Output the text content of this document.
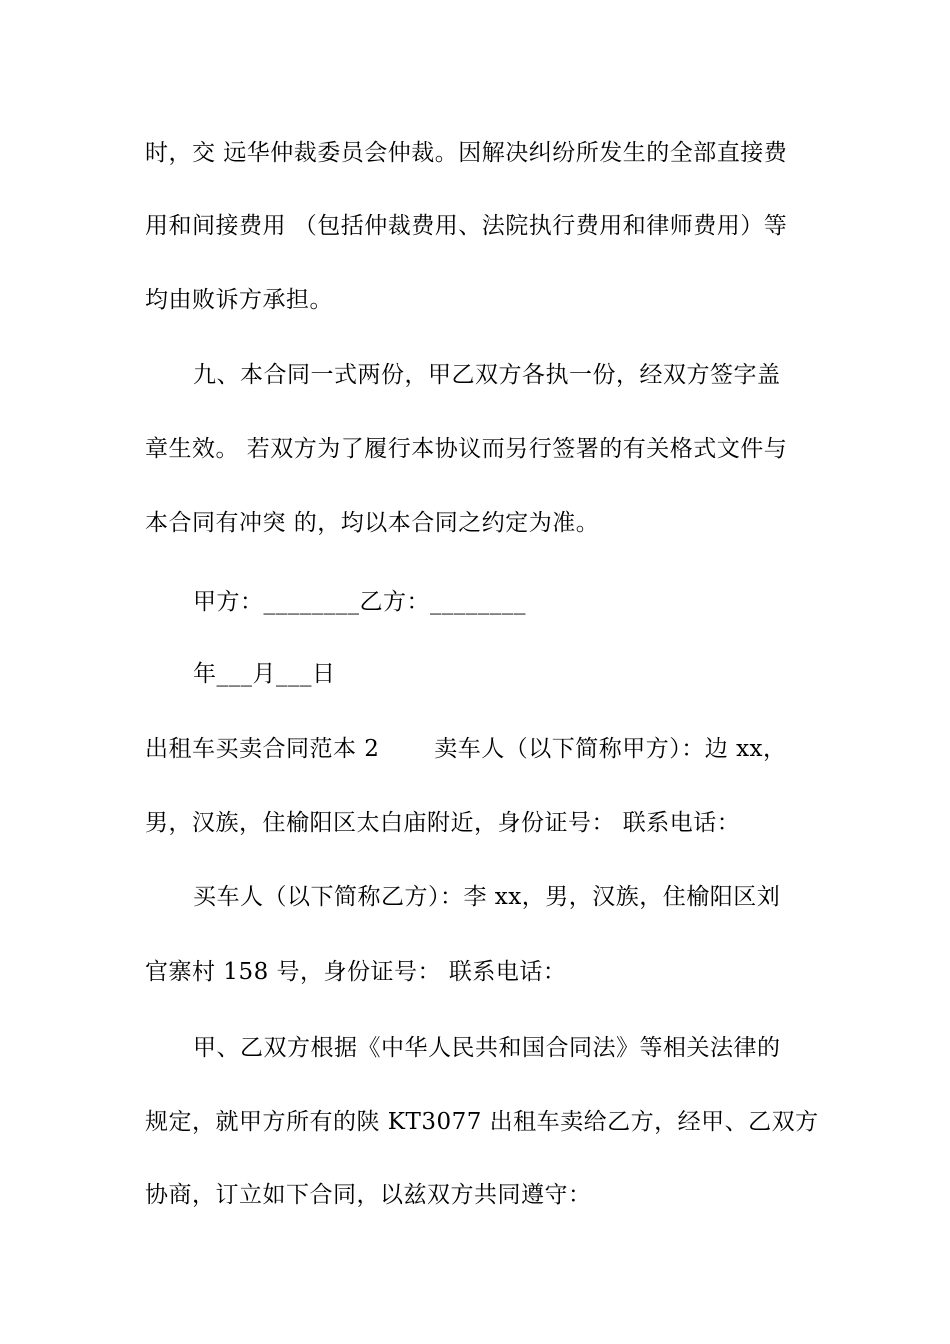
时，交 远华仲裁委员会仲裁。因解决纠纷所发生的全部直接费
用和间接费用 （包括仲裁费用、法院执行费用和律师费用）等
均由败诉方承担。
九、本合同一式两份，甲乙双方各执一份，经双方签字盖
章生效。 若双方为了履行本协议而另行签署的有关格式文件与
本合同有冲突 的，均以本合同之约定为准。
甲方：________乙方：________
年___月___日
出租车买卖合同范本 2　　 卖车人（以下简称甲方）：边 xx，
男，汉族，住榆阳区太白庙附近，身份证号： 联系电话：
买车人（以下简称乙方）：李 xx，男，汉族，住榆阳区刘
官寨村 158 号，身份证号： 联系电话：
甲、乙双方根据《中华人民共和国合同法》等相关法律的
规定，就甲方所有的陕 KT3077 出租车卖给乙方，经甲、乙双方
协商，订立如下合同，以兹双方共同遵守：
